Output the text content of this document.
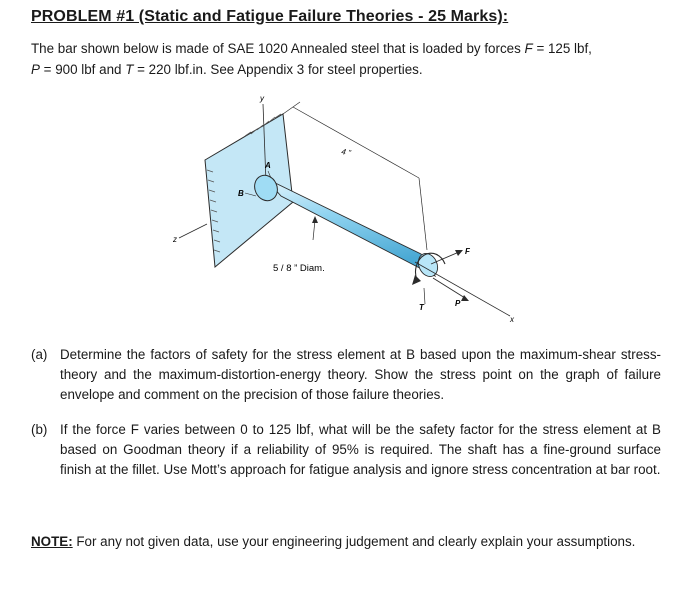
PROBLEM #1 (Static and Fatigue Failure Theories - 25 Marks):
The bar shown below is made of SAE 1020 Annealed steel that is loaded by forces F = 125 lbf,
P = 900 lbf and T = 220 lbf.in. See Appendix 3 for steel properties.
y
z
x
A
B
4 ”
5 / 8 ” Diam.
T
F
P
(a) Determine the factors of safety for the stress element at B based upon the maximum-shear stress-theory and the maximum-distortion-energy theory. Show the stress point on the graph of failure envelope and comment on the precision of those failure theories.
(b) If the force F varies between 0 to 125 lbf, what will be the safety factor for the stress element at B based on Goodman theory if a reliability of 95% is required. The shaft has a fine-ground surface finish at the fillet. Use Mott’s approach for fatigue analysis and ignore stress concentration at bar root.
NOTE: For any not given data, use your engineering judgement and clearly explain your assumptions.
